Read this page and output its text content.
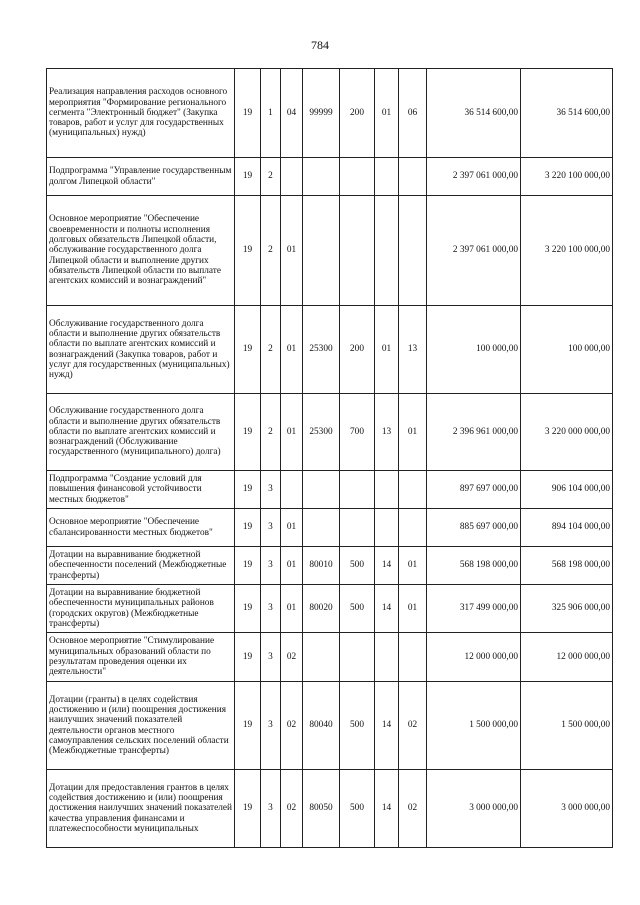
784
Реализация направления расходов основного мероприятия "Формирование регионального сегмента "Электронный бюджет" (Закупка товаров, работ и услуг для государственных (муниципальных) нужд)	19	1	04	99999	200	01	06	36 514 600,00	36 514 600,00
Подпрограмма "Управление государственным долгом Липецкой области"	19	2						2 397 061 000,00	3 220 100 000,00
Основное мероприятие "Обеспечение своевременности и полноты исполнения долговых обязательств Липецкой области, обслуживание государственного долга Липецкой области и выполнение других обязательств Липецкой области по выплате агентских комиссий и вознаграждений"	19	2	01					2 397 061 000,00	3 220 100 000,00
Обслуживание государственного долга области и выполнение других обязательств области по выплате агентских комиссий и вознаграждений (Закупка товаров, работ и услуг для государственных (муниципальных) нужд)	19	2	01	25300	200	01	13	100 000,00	100 000,00
Обслуживание государственного долга области и выполнение других обязательств области по выплате агентских комиссий и вознаграждений (Обслуживание государственного (муниципального) долга)	19	2	01	25300	700	13	01	2 396 961 000,00	3 220 000 000,00
Подпрограмма "Создание условий для повышения финансовой устойчивости местных бюджетов"	19	3						897 697 000,00	906 104 000,00
Основное мероприятие "Обеспечение сбалансированности местных бюджетов"	19	3	01					885 697 000,00	894 104 000,00
Дотации на выравнивание бюджетной обеспеченности поселений (Межбюджетные трансферты)	19	3	01	80010	500	14	01	568 198 000,00	568 198 000,00
Дотации на выравнивание бюджетной обеспеченности муниципальных районов (городских округов) (Межбюджетные трансферты)	19	3	01	80020	500	14	01	317 499 000,00	325 906 000,00
Основное мероприятие "Стимулирование муниципальных образований области по результатам проведения оценки их деятельности"	19	3	02					12 000 000,00	12 000 000,00
Дотации (гранты) в целях содействия достижению и (или) поощрения достижения наилучших значений показателей деятельности органов местного самоуправления сельских поселений области (Межбюджетные трансферты)	19	3	02	80040	500	14	02	1 500 000,00	1 500 000,00
Дотации для предоставления грантов в целях содействия достижению и (или) поощрения достижения наилучших значений показателей качества управления финансами и платежеспособности муниципальных	19	3	02	80050	500	14	02	3 000 000,00	3 000 000,00
